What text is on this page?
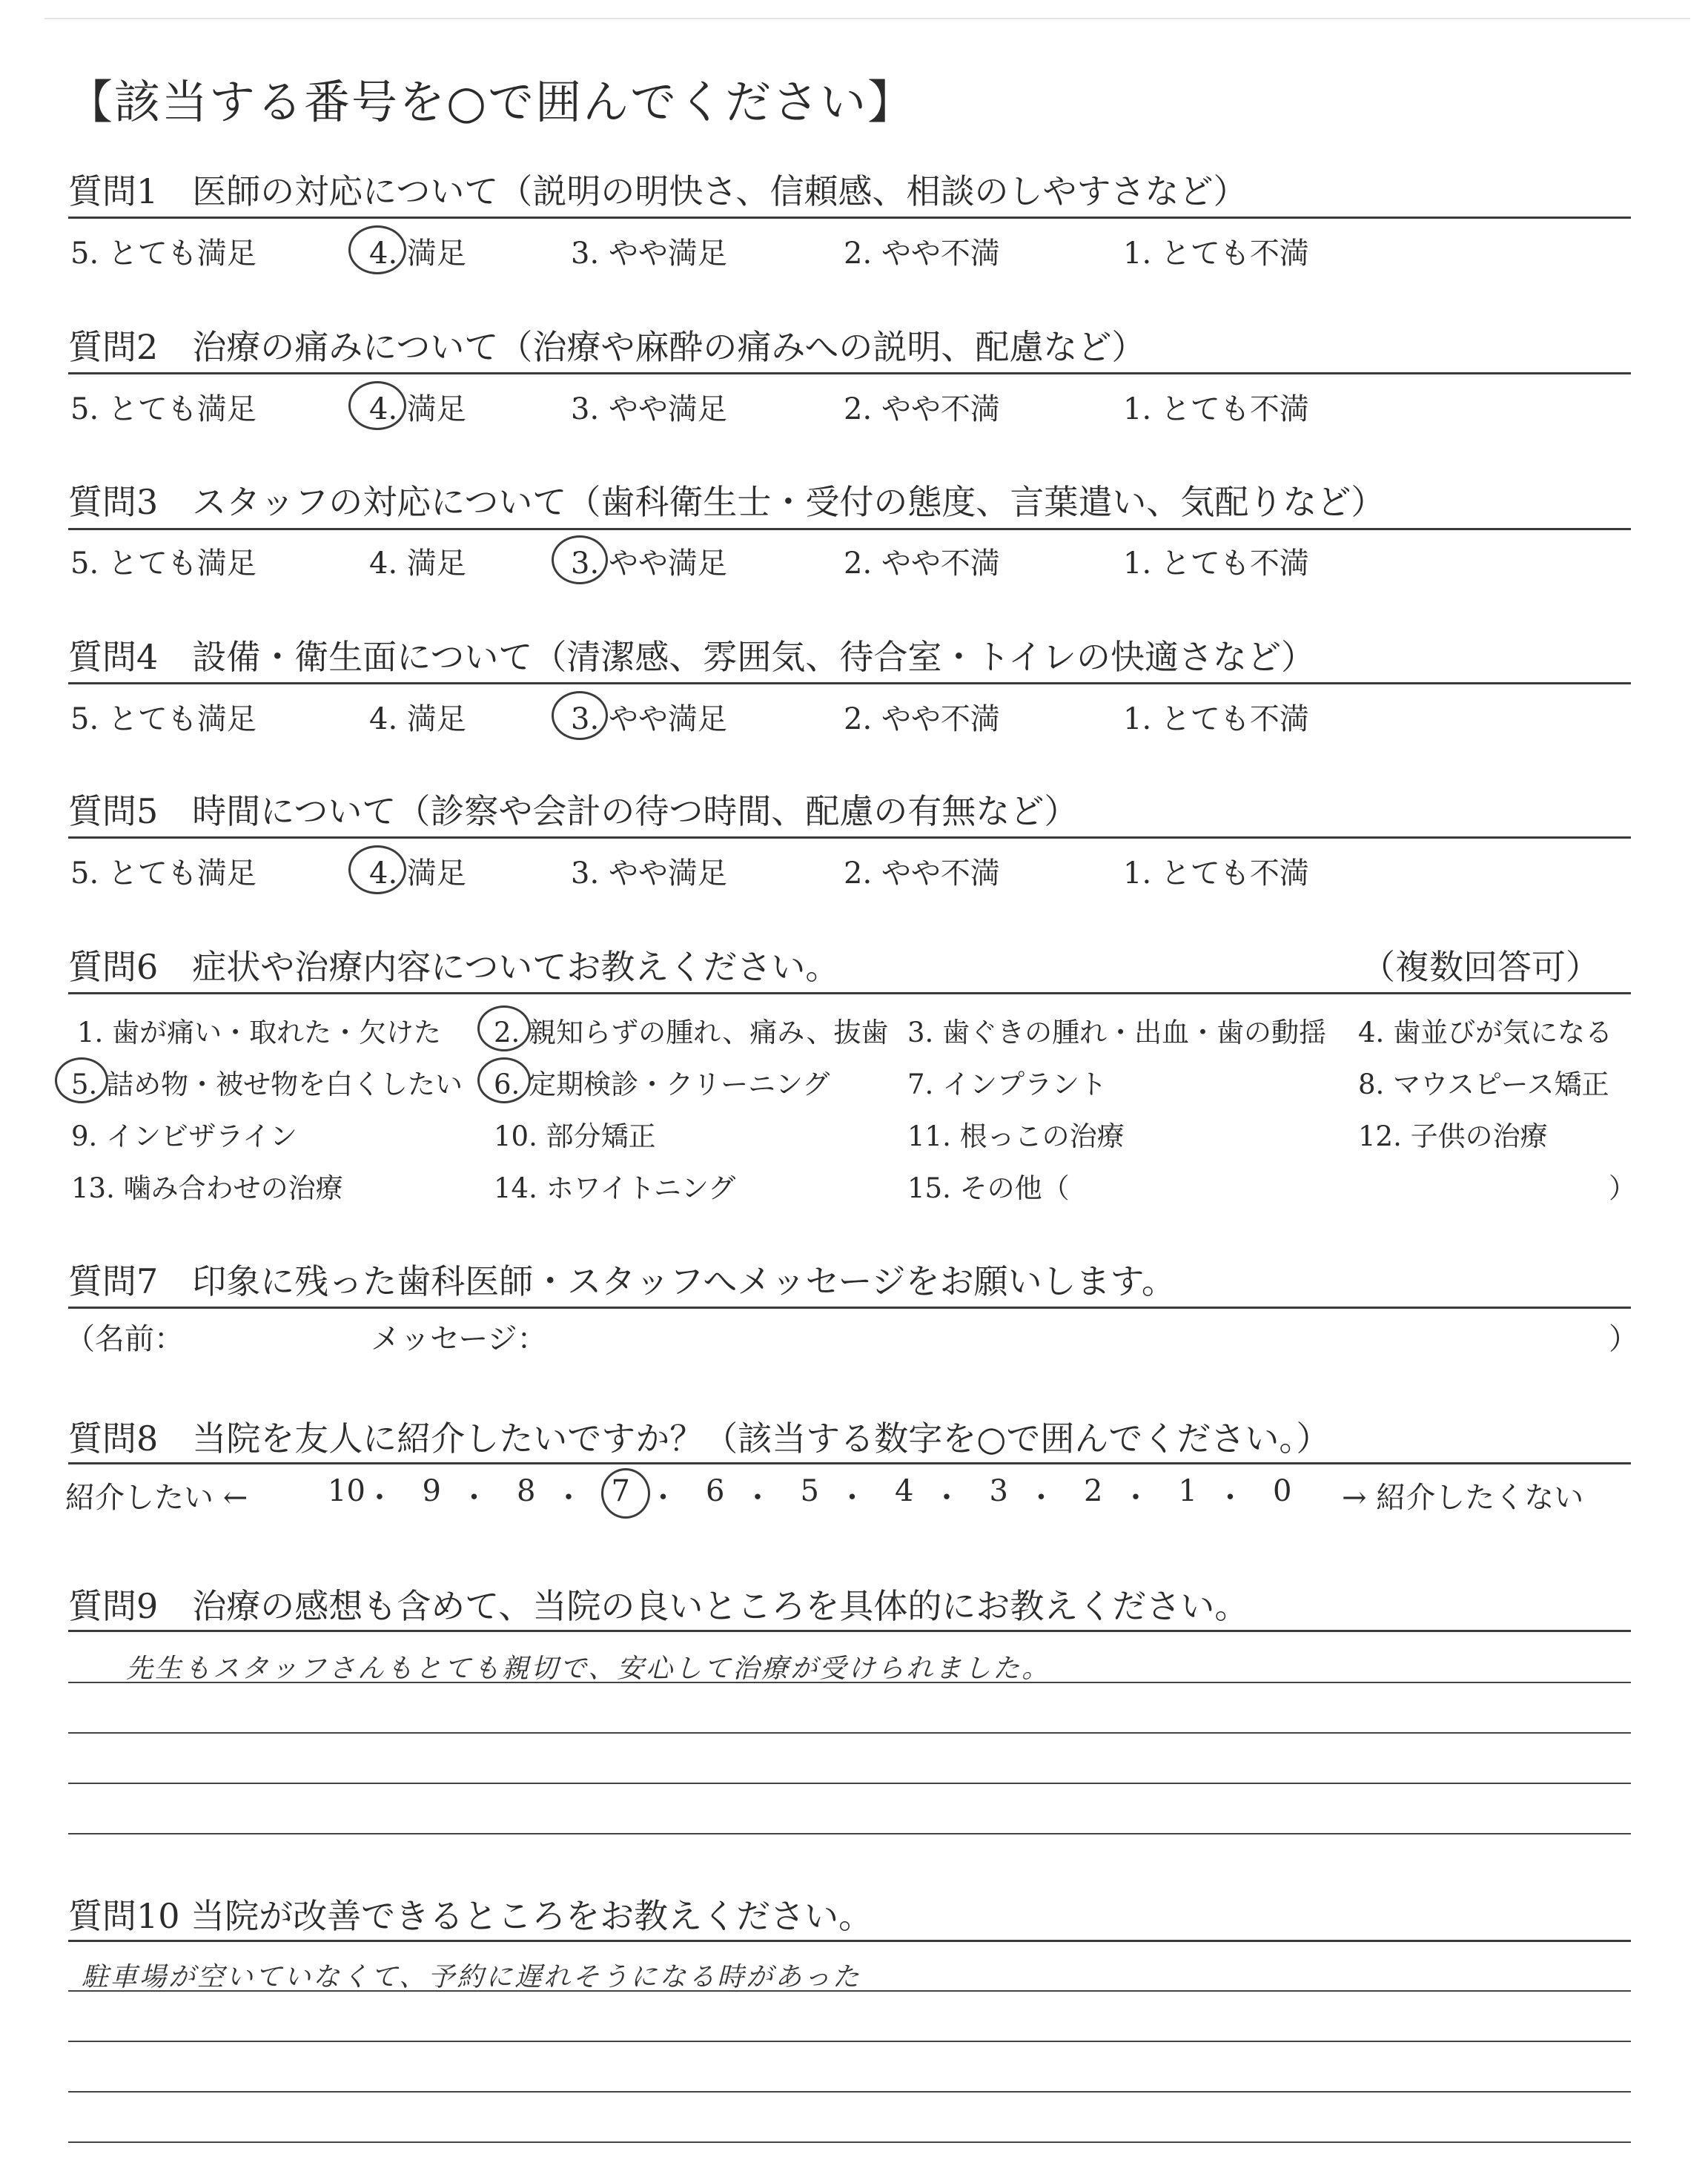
【該当する番号を○で囲んでください】
質問1　医師の対応について（説明の明快さ、信頼感、相談のしやすさなど）
5. とても満足	4. 満足	3. やや満足	2. やや不満	1. とても不満
質問2　治療の痛みについて（治療や麻酔の痛みへの説明、配慮など）
5. とても満足	4. 満足	3. やや満足	2. やや不満	1. とても不満
質問3　スタッフの対応について（歯科衛生士・受付の態度、言葉遣い、気配りなど）
5. とても満足	4. 満足	3. やや満足	2. やや不満	1. とても不満
質問4　設備・衛生面について（清潔感、雰囲気、待合室・トイレの快適さなど）
5. とても満足	4. 満足	3. やや満足	2. やや不満	1. とても不満
質問5　時間について（診察や会計の待つ時間、配慮の有無など）
5. とても満足	4. 満足	3. やや満足	2. やや不満	1. とても不満
質問6　症状や治療内容についてお教えください。	（複数回答可）
1. 歯が痛い・取れた・欠けた 2. 親知らずの腫れ、痛み、抜歯 3. 歯ぐきの腫れ・出血・歯の動揺 4. 歯並びが気になる
5. 詰め物・被せ物を白くしたい 6. 定期検診・クリーニング	7. インプラント	8. マウスピース矯正
9. インビザライン	10. 部分矯正	11. 根っこの治療	12. 子供の治療
13. 噛み合わせの治療	14. ホワイトニング	15. その他（	）
質問7　印象に残った歯科医師・スタッフへメッセージをお願いします。
（名前：	メッセージ：	）
質問8　当院を友人に紹介したいですか？（該当する数字を○で囲んでください。）
紹介したい ←	→ 紹介したくない
10 ・ 9 ・ 8 ・ 7 ・ 6 ・ 5 ・ 4 ・ 3 ・ 2 ・ 1 ・ 0
質問9　治療の感想も含めて、当院の良いところを具体的にお教えください。
先生もスタッフさんもとても親切で、安心して治療が受けられました。
質問10 当院が改善できるところをお教えください。
駐車場が空いていなくて、予約に遅れそうになる時があった
